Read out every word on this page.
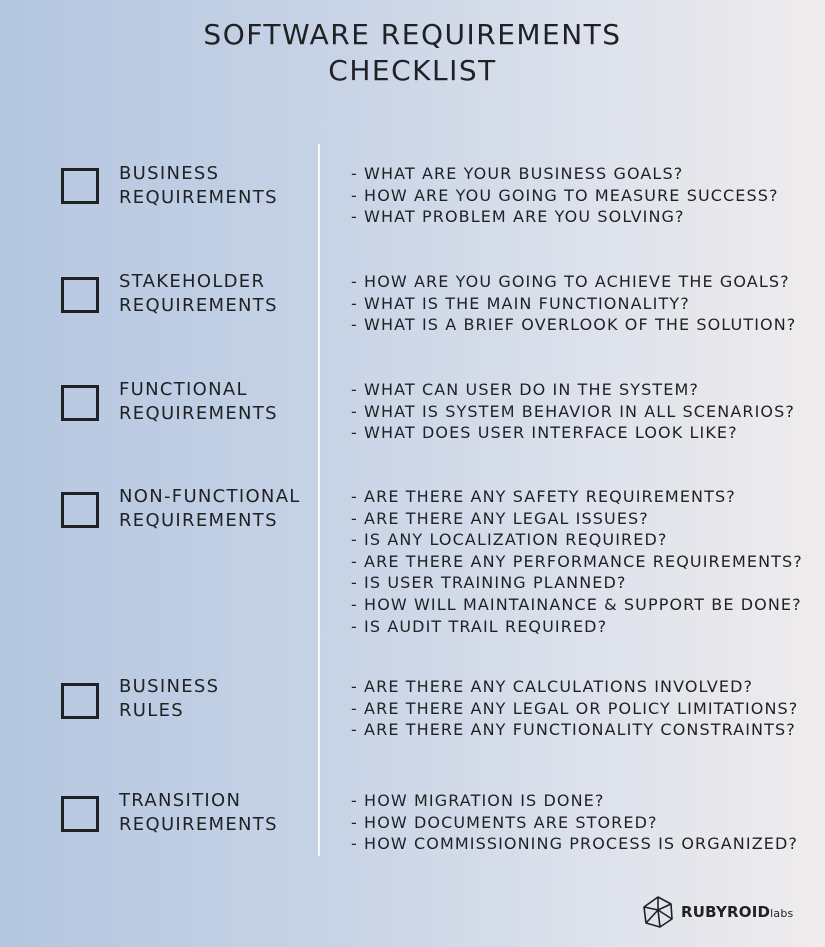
SOFTWARE REQUIREMENTS
CHECKLIST
BUSINESS
REQUIREMENTS
- WHAT ARE YOUR BUSINESS GOALS?
- HOW ARE YOU GOING TO MEASURE SUCCESS?
- WHAT PROBLEM ARE YOU SOLVING?
STAKEHOLDER
REQUIREMENTS
- HOW ARE YOU GOING TO ACHIEVE THE GOALS?
- WHAT IS THE MAIN FUNCTIONALITY?
- WHAT IS A BRIEF OVERLOOK OF THE SOLUTION?
FUNCTIONAL
REQUIREMENTS
- WHAT CAN USER DO IN THE SYSTEM?
- WHAT IS SYSTEM BEHAVIOR IN ALL SCENARIOS?
- WHAT DOES USER INTERFACE LOOK LIKE?
NON-FUNCTIONAL
REQUIREMENTS
- ARE THERE ANY SAFETY REQUIREMENTS?
- ARE THERE ANY LEGAL ISSUES?
- IS ANY LOCALIZATION REQUIRED?
- ARE THERE ANY PERFORMANCE REQUIREMENTS?
- IS USER TRAINING PLANNED?
- HOW WILL MAINTAINANCE & SUPPORT BE DONE?
- IS AUDIT TRAIL REQUIRED?
BUSINESS
RULES
- ARE THERE ANY CALCULATIONS INVOLVED?
- ARE THERE ANY LEGAL OR POLICY LIMITATIONS?
- ARE THERE ANY FUNCTIONALITY CONSTRAINTS?
TRANSITION
REQUIREMENTS
- HOW MIGRATION IS DONE?
- HOW DOCUMENTS ARE STORED?
- HOW COMMISSIONING PROCESS IS ORGANIZED?
RUBYROIDlabs
